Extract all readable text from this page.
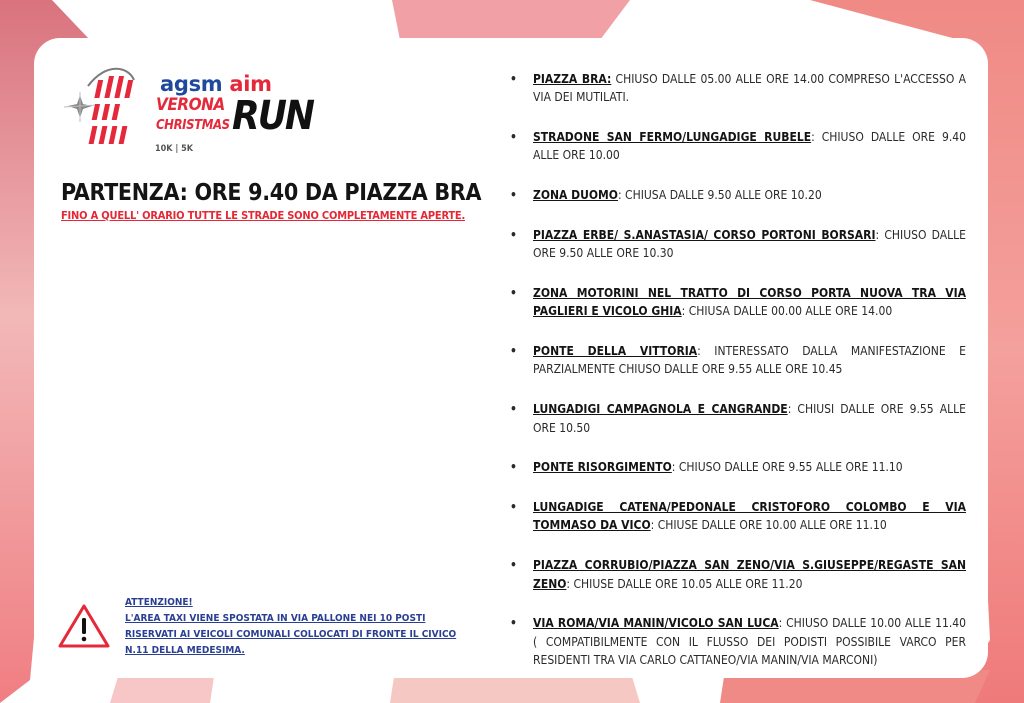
agsm aim
VERONA
CHRISTMAS RUN
10K | 5K
PARTENZA: ORE 9.40 DA PIAZZA BRA
FINO A QUELL' ORARIO TUTTE LE STRADE SONO COMPLETAMENTE APERTE.
• PIAZZA BRA: CHIUSO DALLE 05.00 ALLE ORE 14.00 COMPRESO L'ACCESSO A VIA DEI MUTILATI.
• STRADONE SAN FERMO/LUNGADIGE RUBELE: CHIUSO DALLE ORE 9.40 ALLE ORE 10.00
• ZONA DUOMO: CHIUSA DALLE 9.50 ALLE ORE 10.20
• PIAZZA ERBE/ S.ANASTASIA/ CORSO PORTONI BORSARI: CHIUSO DALLE ORE 9.50 ALLE ORE 10.30
• ZONA MOTORINI NEL TRATTO DI CORSO PORTA NUOVA TRA VIA PAGLIERI E VICOLO GHIA: CHIUSA DALLE 00.00 ALLE ORE 14.00
• PONTE DELLA VITTORIA: INTERESSATO DALLA MANIFESTAZIONE E PARZIALMENTE CHIUSO DALLE ORE 9.55 ALLE ORE 10.45
• LUNGADIGI CAMPAGNOLA E CANGRANDE: CHIUSI DALLE ORE 9.55 ALLE ORE 10.50
• PONTE RISORGIMENTO: CHIUSO DALLE ORE 9.55 ALLE ORE 11.10
• LUNGADIGE CATENA/PEDONALE CRISTOFORO COLOMBO E VIA TOMMASO DA VICO: CHIUSE DALLE ORE 10.00 ALLE ORE 11.10
• PIAZZA CORRUBIO/PIAZZA SAN ZENO/VIA S.GIUSEPPE/REGASTE SAN ZENO: CHIUSE DALLE ORE 10.05 ALLE ORE 11.20
• VIA ROMA/VIA MANIN/VICOLO SAN LUCA: CHIUSO DALLE 10.00 ALLE 11.40 ( COMPATIBILMENTE CON IL FLUSSO DEI PODISTI POSSIBILE VARCO PER RESIDENTI TRA VIA CARLO CATTANEO/VIA MANIN/VIA MARCONI)
ATTENZIONE!
L'AREA TAXI VIENE SPOSTATA IN VIA PALLONE NEI 10 POSTI
RISERVATI AI VEICOLI COMUNALI COLLOCATI DI FRONTE IL CIVICO
N.11 DELLA MEDESIMA.
